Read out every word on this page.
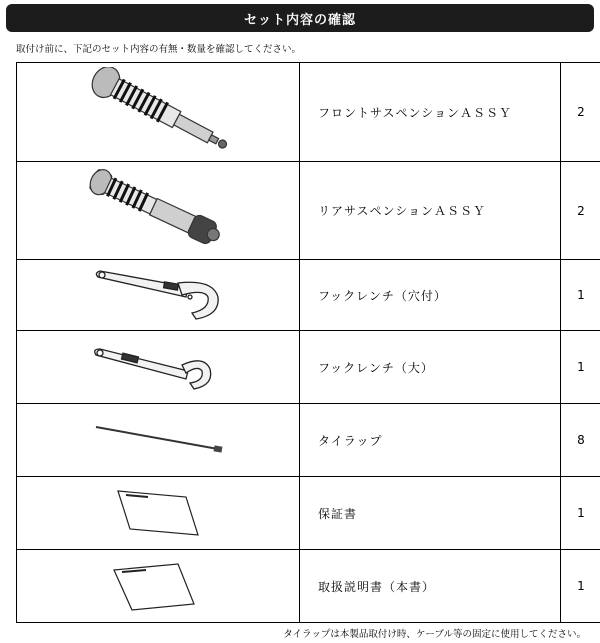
セット内容の確認
取付け前に、下記のセット内容の有無・数量を確認してください。
	フロントサスペンションＡＳＳＹ	2

	リアサスペンションＡＳＳＹ	2

	フックレンチ（穴付）	1

	フックレンチ（大）	1

	タイラップ	8

	保証書	1

	取扱説明書（本書）	1
タイラップは本製品取付け時、ケーブル等の固定に使用してください。
